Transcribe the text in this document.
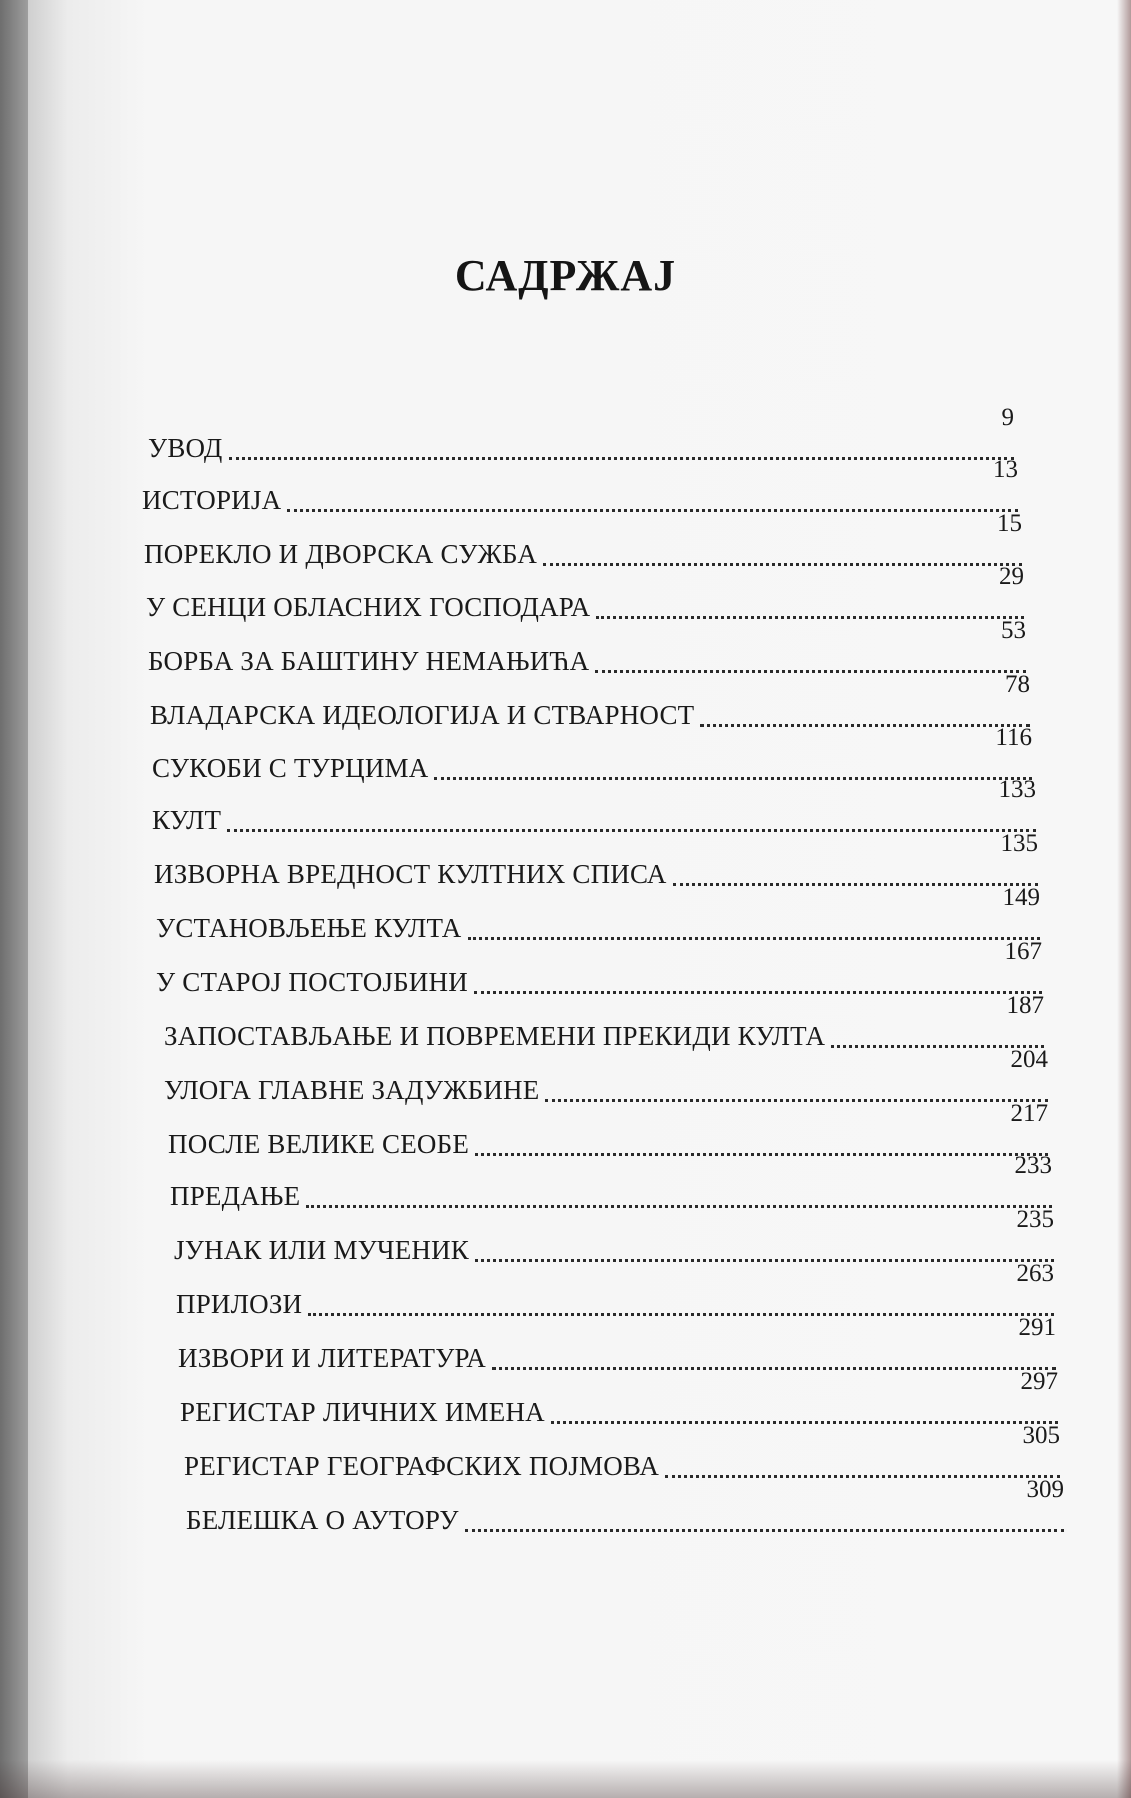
САДРЖАЈ
УВОД
9
ИСТОРИЈА
13
ПОРЕКЛО И ДВОРСКА СУЖБА
15
У СЕНЦИ ОБЛАСНИХ ГОСПОДАРА
29
БОРБА ЗА БАШТИНУ НЕМАЊИЋА
53
ВЛАДАРСКА ИДЕОЛОГИЈА И СТВАРНОСТ
78
СУКОБИ С ТУРЦИМА
116
КУЛТ
133
ИЗВОРНА ВРЕДНОСТ КУЛТНИХ СПИСА
135
УСТАНОВЉЕЊЕ КУЛТА
149
У СТАРОЈ ПОСТОЈБИНИ
167
ЗАПОСТАВЉАЊЕ И ПОВРЕМЕНИ ПРЕКИДИ КУЛТА
187
УЛОГА ГЛАВНЕ ЗАДУЖБИНЕ
204
ПОСЛЕ ВЕЛИКЕ СЕОБЕ
217
ПРЕДАЊЕ
233
ЈУНАК ИЛИ МУЧЕНИК
235
ПРИЛОЗИ
263
ИЗВОРИ И ЛИТЕРАТУРА
291
РЕГИСТАР ЛИЧНИХ ИМЕНА
297
РЕГИСТАР ГЕОГРАФСКИХ ПОЈМОВА
305
БЕЛЕШКА О АУТОРУ
309
